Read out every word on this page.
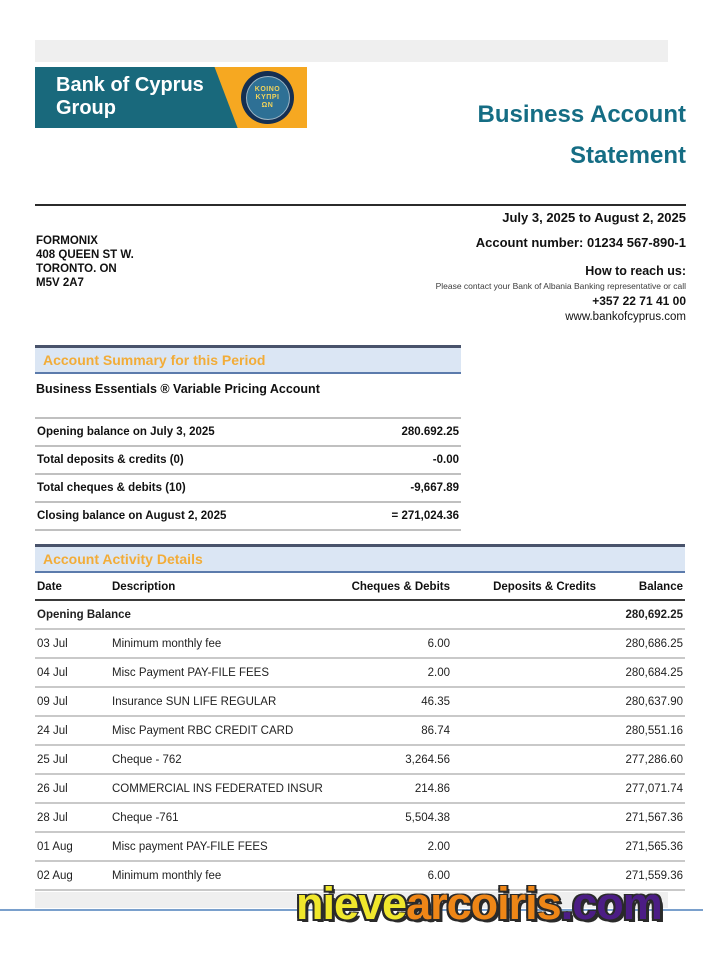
Bank of Cyprus
Group
KOINO
ΚΥΠΡΙ
ΩΝ	Business Account
Statement
FORMONIX
408 QUEEN ST W.
TORONTO. ON
M5V 2A7
July 3, 2025 to August 2, 2025
Account number: 01234 567-890-1
How to reach us:
Please contact your Bank of Albania Banking representative or call
+357 22 71 41 00
www.bankofcyprus.com
Account Summary for this Period
Business Essentials ® Variable Pricing Account
Opening balance on July 3, 2025	280.692.25
Total deposits & credits (0)	-0.00
Total cheques & debits (10)	-9,667.89
Closing balance on August 2, 2025	= 271,024.36
Account Activity Details
Date	Description	Cheques & Debits	Deposits & Credits	Balance
Opening Balance				280,692.25
03 Jul	Minimum monthly fee	6.00		280,686.25
04 Jul	Misc Payment PAY-FILE FEES	2.00		280,684.25
09 Jul	Insurance SUN LIFE REGULAR	46.35		280,637.90
24 Jul	Misc Payment RBC CREDIT CARD	86.74		280,551.16
25 Jul	Cheque - 762	3,264.56		277,286.60
26 Jul	COMMERCIAL INS FEDERATED INSUR	214.86		277,071.74
28 Jul	Cheque -761	5,504.38		271,567.36
01 Aug	Misc payment PAY-FILE FEES	2.00		271,565.36
02 Aug	Minimum monthly fee	6.00		271,559.36
nievearcoiris.com
